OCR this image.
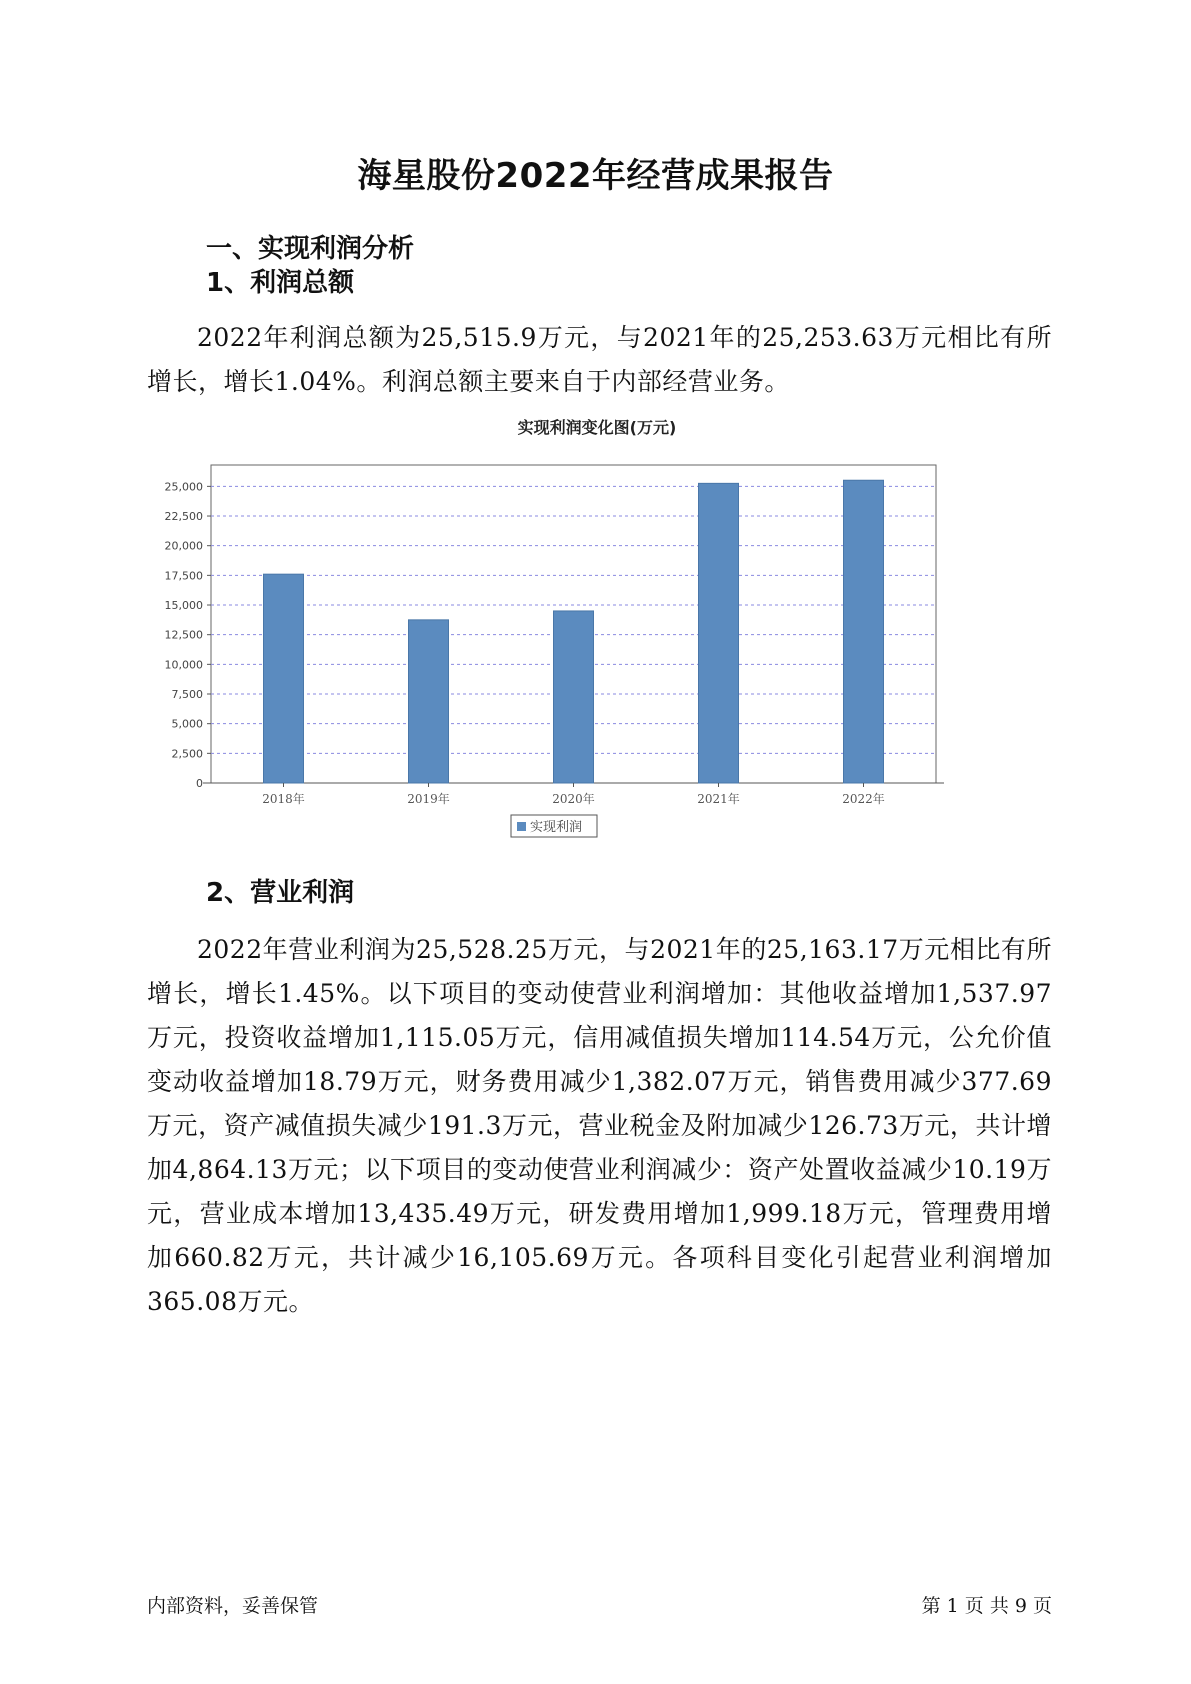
海星股份2022年经营成果报告
一、实现利润分析
1、利润总额
2022年利润总额为25,515.9万元，与2021年的25,253.63万元相比有所增长，增长1.04%。利润总额主要来自于内部经营业务。
实现利润变化图(万元)
0
2,500
5,000
7,500
10,000
12,500
15,000
17,500
20,000
22,500
25,000
2018年	2019年	2020年	2021年	2022年
实现利润
2、营业利润
2022年营业利润为25,528.25万元，与2021年的25,163.17万元相比有所增长，增长1.45%。以下项目的变动使营业利润增加：其他收益增加1,537.97万元，投资收益增加1,115.05万元，信用减值损失增加114.54万元，公允价值变动收益增加18.79万元，财务费用减少1,382.07万元，销售费用减少377.69万元，资产减值损失减少191.3万元，营业税金及附加减少126.73万元，共计增加4,864.13万元；以下项目的变动使营业利润减少：资产处置收益减少10.19万元，营业成本增加13,435.49万元，研发费用增加1,999.18万元，管理费用增加660.82万元，共计减少16,105.69万元。各项科目变化引起营业利润增加365.08万元。
内部资料，妥善保管	第 1 页 共 9 页
